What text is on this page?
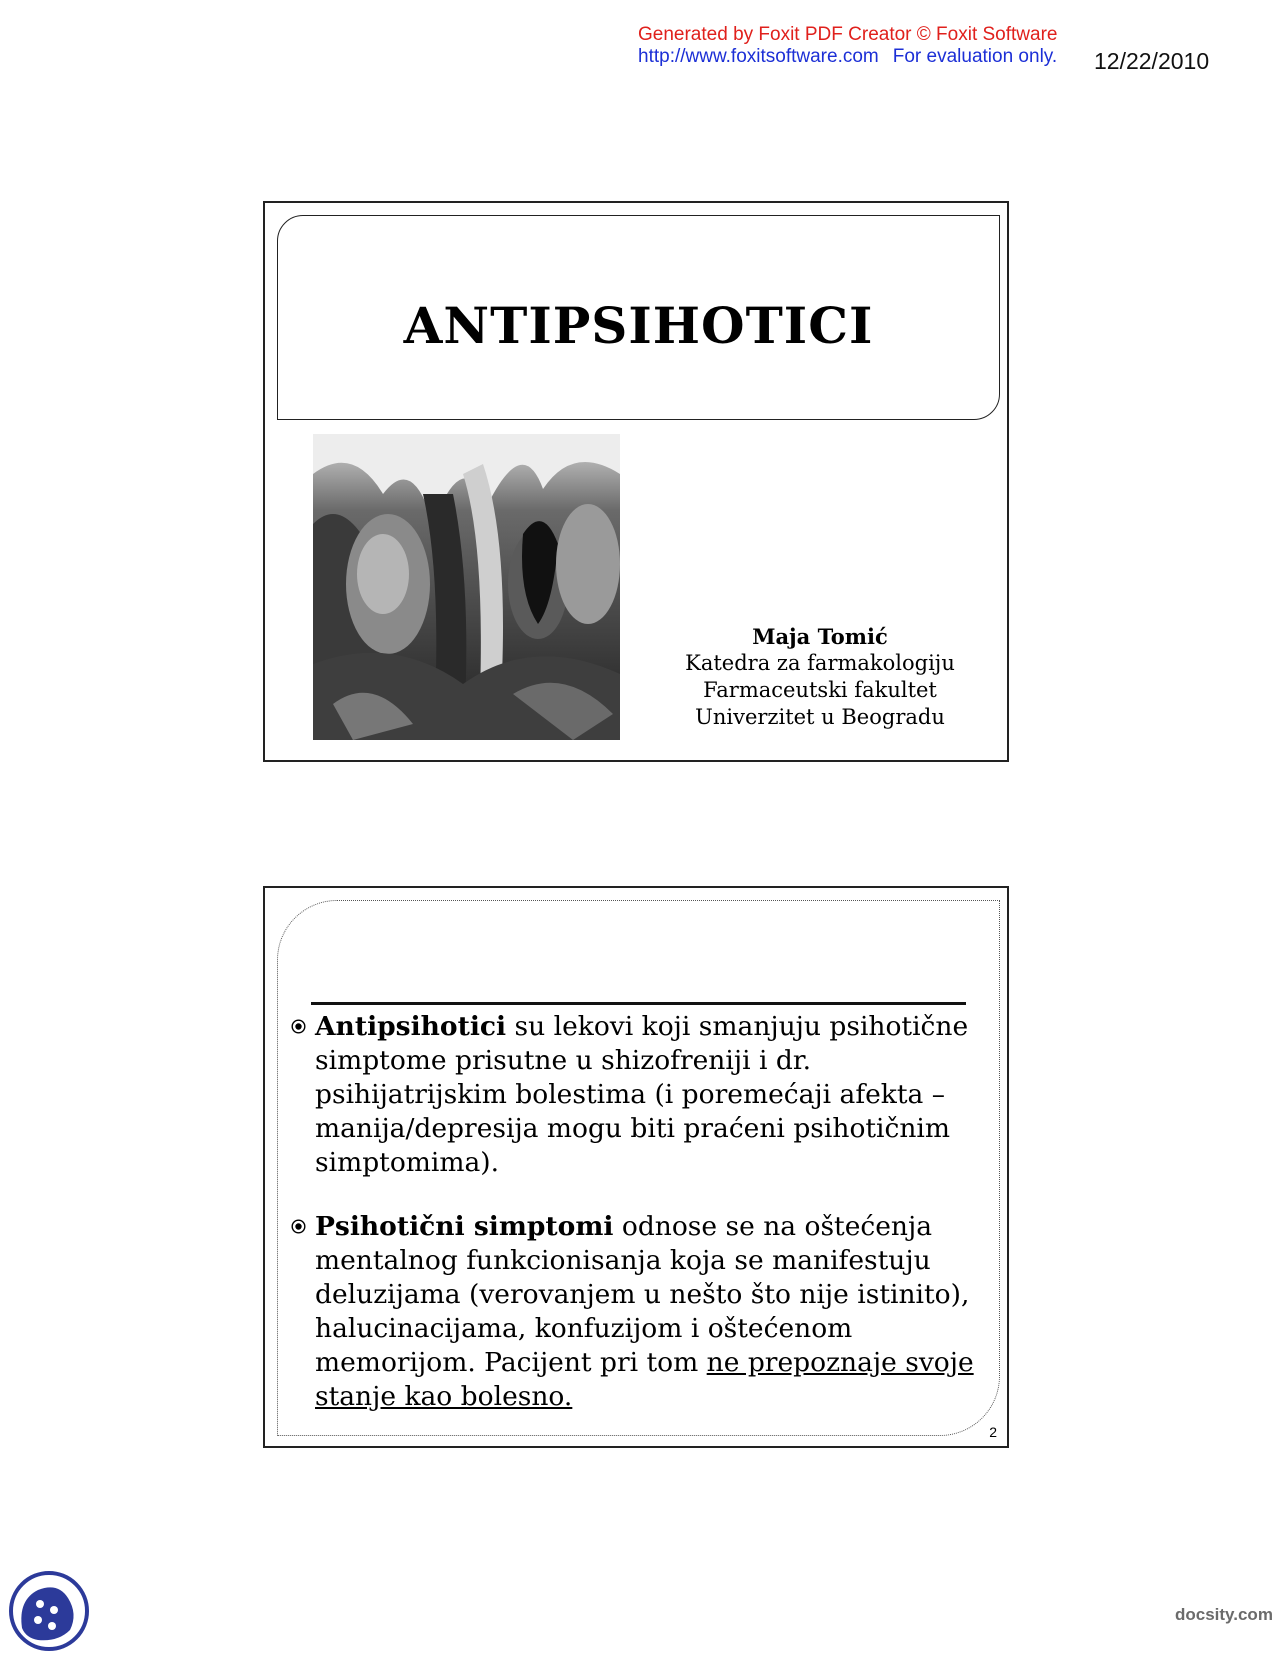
Generated by Foxit PDF Creator © Foxit Software
http://www.foxitsoftware.com For evaluation only. 12/22/2010
ANTIPSIHOTICI
Maja Tomić
Katedra za farmakologiju
Farmaceutski fakultet
Univerzitet u Beogradu
Antipsihotici su lekovi koji smanjuju psihotične simptome prisutne u shizofreniji i dr. psihijatrijskim bolestima (i poremećaji afekta – manija/depresija mogu biti praćeni psihotičnim simptomima).
Psihotični simptomi odnose se na oštećenja mentalnog funkcionisanja koja se manifestuju deluzijama (verovanjem u nešto što nije istinito), halucinacijama, konfuzijom i oštećenom memorijom. Pacijent pri tom ne prepoznaje svoje stanje kao bolesno.
2
docsity.com
